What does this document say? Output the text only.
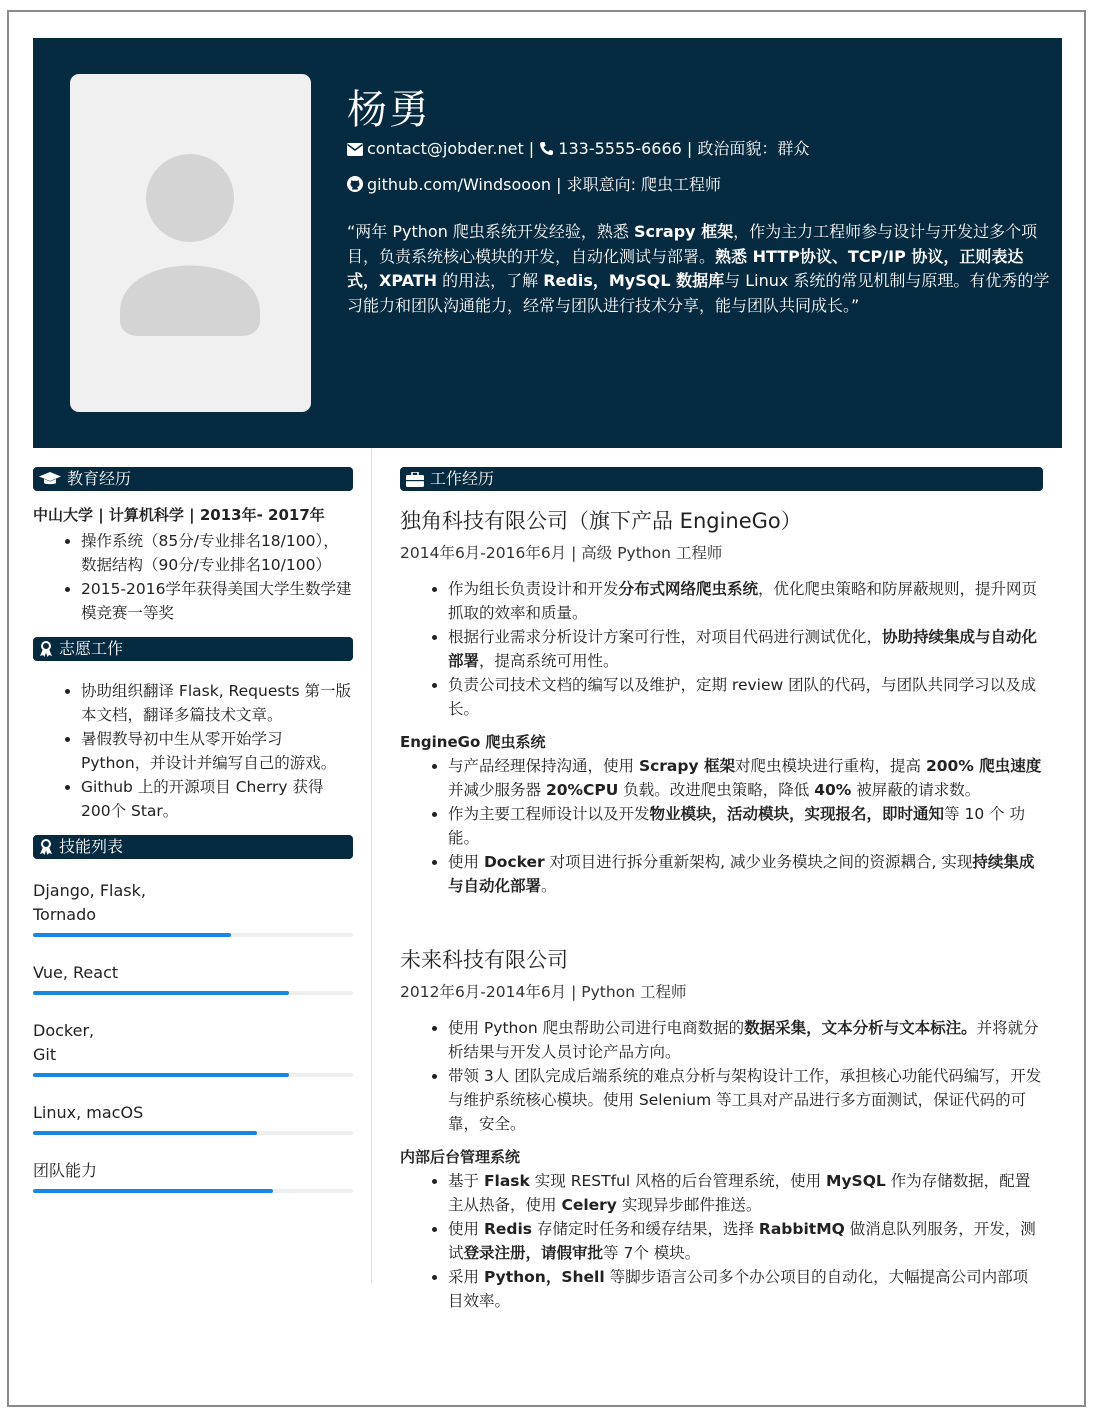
杨勇
contact@jobder.net | 133-5555-6666 | 政治面貌：群众
github.com/Windsooon | 求职意向: 爬虫工程师
“两年 Python 爬虫系统开发经验，熟悉 Scrapy 框架，作为主力工程师参与设计与开发过多个项目，负责系统核心模块的开发，自动化测试与部署。熟悉 HTTP协议、TCP/IP 协议，正则表达式，XPATH 的用法，了解 Redis，MySQL 数据库与 Linux 系统的常见机制与原理。有优秀的学习能力和团队沟通能力，经常与团队进行技术分享，能与团队共同成长。”
教育经历
中山大学 | 计算机科学 | 2013年- 2017年
• 操作系统（85分/专业排名18/100），数据结构（90分/专业排名10/100）
• 2015-2016学年获得美国大学生数学建模竞赛一等奖
志愿工作
• 协助组织翻译 Flask, Requests 第一版本文档，翻译多篇技术文章。
• 暑假教导初中生从零开始学习 Python，并设计并编写自己的游戏。
• Github 上的开源项目 Cherry 获得 200个 Star。
技能列表
Django, Flask,
Tornado
Vue, React
Docker,
Git
Linux, macOS
团队能力
工作经历
独角科技有限公司（旗下产品 EngineGo）
2014年6月-2016年6月 | 高级 Python 工程师
• 作为组长负责设计和开发分布式网络爬虫系统，优化爬虫策略和防屏蔽规则，提升网页抓取的效率和质量。
• 根据行业需求分析设计方案可行性，对项目代码进行测试优化，协助持续集成与自动化部署，提高系统可用性。
• 负责公司技术文档的编写以及维护，定期 review 团队的代码，与团队共同学习以及成长。
EngineGo 爬虫系统
• 与产品经理保持沟通，使用 Scrapy 框架对爬虫模块进行重构，提高 200% 爬虫速度并减少服务器 20%CPU 负载。改进爬虫策略，降低 40% 被屏蔽的请求数。
• 作为主要工程师设计以及开发物业模块，活动模块，实现报名，即时通知等 10 个 功能。
• 使用 Docker 对项目进行拆分重新架构, 减少业务模块之间的资源耦合, 实现持续集成与自动化部署。
未来科技有限公司
2012年6月-2014年6月 | Python 工程师
• 使用 Python 爬虫帮助公司进行电商数据的数据采集，文本分析与文本标注。并将就分析结果与开发人员讨论产品方向。
• 带领 3人 团队完成后端系统的难点分析与架构设计工作，承担核心功能代码编写，开发与维护系统核心模块。使用 Selenium 等工具对产品进行多方面测试，保证代码的可靠，安全。
内部后台管理系统
• 基于 Flask 实现 RESTful 风格的后台管理系统，使用 MySQL 作为存储数据，配置主从热备，使用 Celery 实现异步邮件推送。
• 使用 Redis 存储定时任务和缓存结果，选择 RabbitMQ 做消息队列服务，开发，测试登录注册，请假审批等 7个 模块。
• 采用 Python，Shell 等脚步语言公司多个办公项目的自动化，大幅提高公司内部项目效率。
